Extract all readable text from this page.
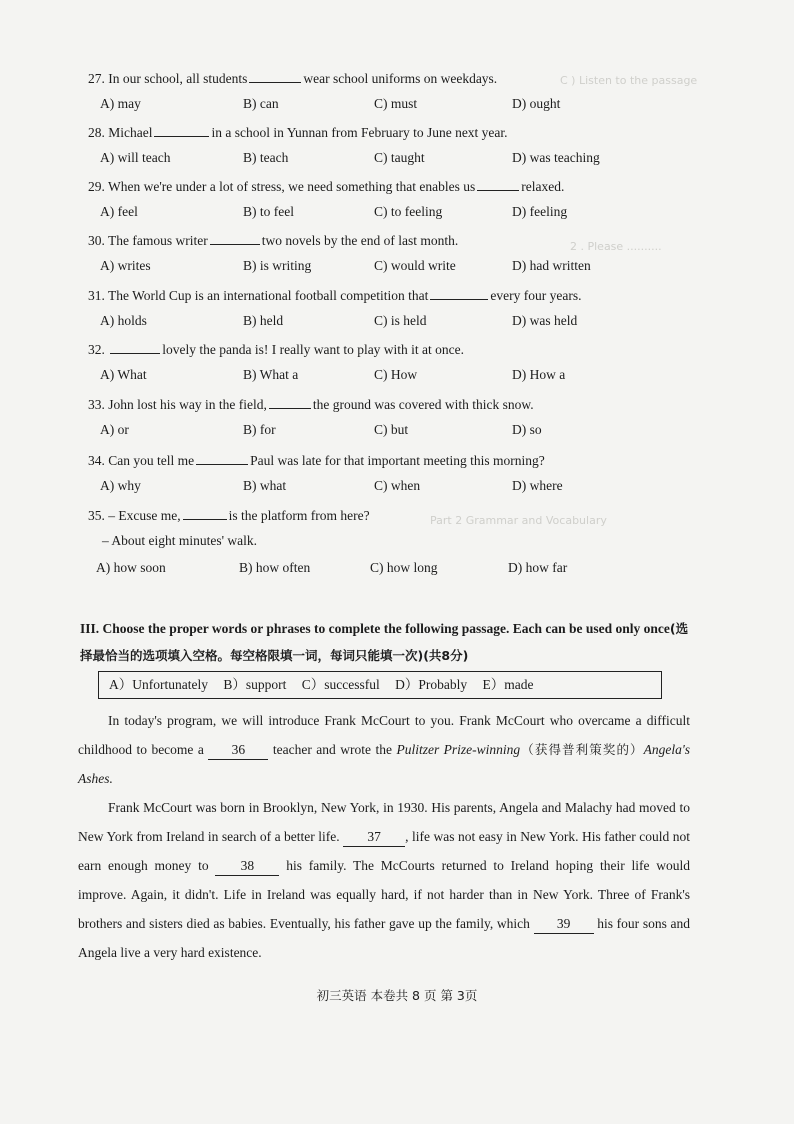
C ) Listen to the passage
2 . Please ..........
Part 2 Grammar and Vocabulary
27. In our school, all students	wear school uniforms on weekdays.
A) may	B) can	C) must	D) ought
28. Michael	in a school in Yunnan from February to June next year.
A) will teach	B) teach	C) taught	D) was teaching
29. When we're under a lot of stress, we need something that enables us	relaxed.
A) feel	B) to feel	C) to feeling	D) feeling
30. The famous writer	two novels by the end of last month.
A) writes	B) is writing	C) would write	D) had written
31. The World Cup is an international football competition that	every four years.
A) holds	B) held	C) is held	D) was held
32.	lovely the panda is! I really want to play with it at once.
A) What	B) What a	C) How	D) How a
33. John lost his way in the field,	the ground was covered with thick snow.
A) or	B) for	C) but	D) so
34. Can you tell me	Paul was late for that important meeting this morning?
A) why	B) what	C) when	D) where
35. – Excuse me,	is the platform from here?
– About eight minutes' walk.
A) how soon	B) how often	C) how long	D) how far
III. Choose the proper words or phrases to complete the following passage. Each can be used only once(选择最恰当的选项填入空格。每空格限填一词，每词只能填一次)(共8分)
A）Unfortunately B）support C）successful D）Probably E）made
In today's program, we will introduce Frank McCourt to you. Frank McCourt who overcame a difficult childhood to become a 36 teacher and wrote the Pulitzer Prize-winning（获得普利策奖的）Angela's Ashes.
Frank McCourt was born in Brooklyn, New York, in 1930. His parents, Angela and Malachy had moved to New York from Ireland in search of a better life. 37 , life was not easy in New York. His father could not earn enough money to 38 his family. The McCourts returned to Ireland hoping their life would improve. Again, it didn't. Life in Ireland was equally hard, if not harder than in New York. Three of Frank's brothers and sisters died as babies. Eventually, his father gave up the family, which 39 his four sons and Angela live a very hard existence.
初三英语 本卷共 8 页 第 3页
